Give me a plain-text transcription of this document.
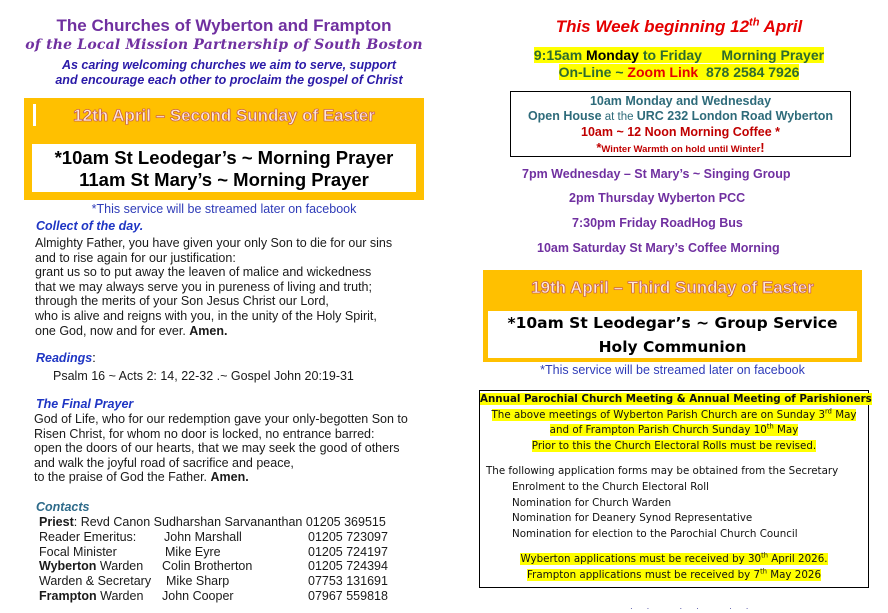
The Churches of Wyberton and Frampton
of the Local Mission Partnership of South Boston
As caring welcoming churches we aim to serve, support
and encourage each other to proclaim the gospel of Christ
12th April – Second Sunday of Easter
*10am St Leodegar’s ~ Morning Prayer
11am St Mary’s ~ Morning Prayer
*This service will be streamed later on facebook
Collect of the day.
Almighty Father, you have given your only Son to die for our sins
and to rise again for our justification:
grant us so to put away the leaven of malice and wickedness
that we may always serve you in pureness of living and truth;
through the merits of your Son Jesus Christ our Lord,
who is alive and reigns with you, in the unity of the Holy Spirit,
one God, now and for ever. Amen.
Readings:
Psalm 16 ~ Acts 2: 14, 22-32 .~ Gospel John 20:19-31
The Final Prayer
God of Life, who for our redemption gave your only-begotten Son to
Risen Christ, for whom no door is locked, no entrance barred:
open the doors of our hearts, that we may seek the good of others
and walk the joyful road of sacrifice and peace,
to the praise of God the Father. Amen.
Contacts
Priest: Revd Canon Sudharshan Sarvananthan 01205 369515
Reader Emeritus: John Marshall	01205 723097
Focal Minister	Mike Eyre	01205 724197
Wyberton Warden Colin Brotherton	01205 724394
Warden & Secretary Mike Sharp	07753 131691
Frampton Warden John Cooper	07967 559818
This Week beginning 12th April
9:15am Monday to Friday     Morning Prayer
On-Line ~ Zoom Link  878 2584 7926
10am Monday and Wednesday
Open House at the URC 232 London Road Wyberton
10am ~ 12 Noon Morning Coffee *
*Winter Warmth on hold until Winter!
7pm Wednesday – St Mary’s ~ Singing Group
2pm Thursday Wyberton PCC
7:30pm Friday RoadHog Bus
10am Saturday St Mary’s Coffee Morning
19th April – Third Sunday of Easter
*10am St Leodegar’s ~ Group Service
Holy Communion
*This service will be streamed later on facebook
Annual Parochial Church Meeting & Annual Meeting of Parishioners
The above meetings of Wyberton Parish Church are on Sunday 3rd May
and of Frampton Parish Church Sunday 10th May
Prior to this the Church Electoral Rolls must be revised.
The following application forms may be obtained from the Secretary
Enrolment to the Church Electoral Roll
Nomination for Church Warden
Nomination for Deanery Synod Representative
Nomination for election to the Parochial Church Council
Wyberton applications must be received by 30th April 2026.
Frampton applications must be received by 7th May 2026
·· ·· ··
